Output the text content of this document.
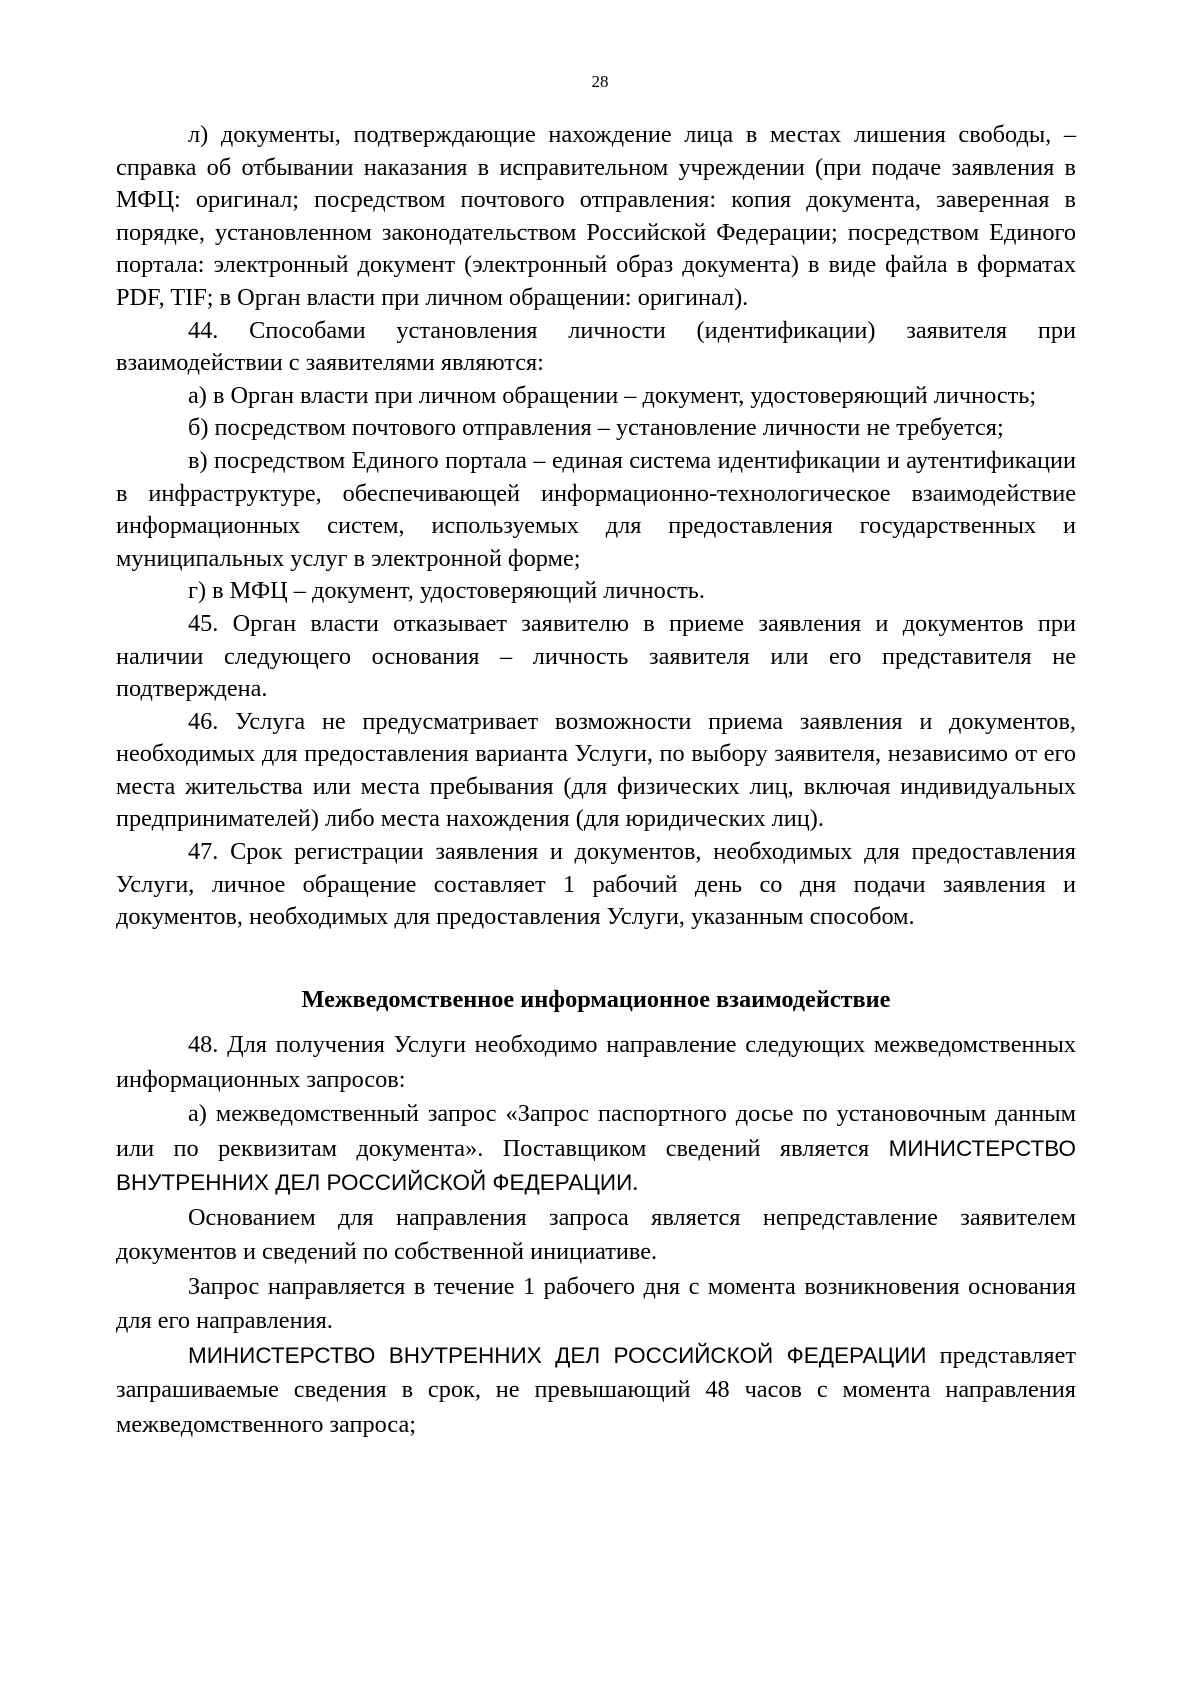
28

л) документы, подтверждающие нахождение лица в местах лишения свободы, – справка об отбывании наказания в исправительном учреждении (при подаче заявления в МФЦ: оригинал; посредством почтового отправления: копия документа, заверенная в порядке, установленном законодательством Российской Федерации; посредством Единого портала: электронный документ (электронный образ документа) в виде файла в форматах PDF, TIF; в Орган власти при личном обращении: оригинал).

44. Способами установления личности (идентификации) заявителя при взаимодействии с заявителями являются:

а) в Орган власти при личном обращении – документ, удостоверяющий личность;

б) посредством почтового отправления – установление личности не требуется;

в) посредством Единого портала – единая система идентификации и аутентификации в инфраструктуре, обеспечивающей информационно-технологическое взаимодействие информационных систем, используемых для предоставления государственных и муниципальных услуг в электронной форме;

г) в МФЦ – документ, удостоверяющий личность.

45. Орган власти отказывает заявителю в приеме заявления и документов при наличии следующего основания – личность заявителя или его представителя не подтверждена.

46. Услуга не предусматривает возможности приема заявления и документов, необходимых для предоставления варианта Услуги, по выбору заявителя, независимо от его места жительства или места пребывания (для физических лиц, включая индивидуальных предпринимателей) либо места нахождения (для юридических лиц).

47. Срок регистрации заявления и документов, необходимых для предоставления Услуги, личное обращение составляет 1 рабочий день со дня подачи заявления и документов, необходимых для предоставления Услуги, указанным способом.

Межведомственное информационное взаимодействие

48. Для получения Услуги необходимо направление следующих межведомственных информационных запросов:

а) межведомственный запрос «Запрос паспортного досье по установочным данным или по реквизитам документа». Поставщиком сведений является МИНИСТЕРСТВО ВНУТРЕННИХ ДЕЛ РОССИЙСКОЙ ФЕДЕРАЦИИ.

Основанием для направления запроса является непредставление заявителем документов и сведений по собственной инициативе.

Запрос направляется в течение 1 рабочего дня с момента возникновения основания для его направления.

МИНИСТЕРСТВО ВНУТРЕННИХ ДЕЛ РОССИЙСКОЙ ФЕДЕРАЦИИ представляет запрашиваемые сведения в срок, не превышающий 48 часов с момента направления межведомственного запроса;
